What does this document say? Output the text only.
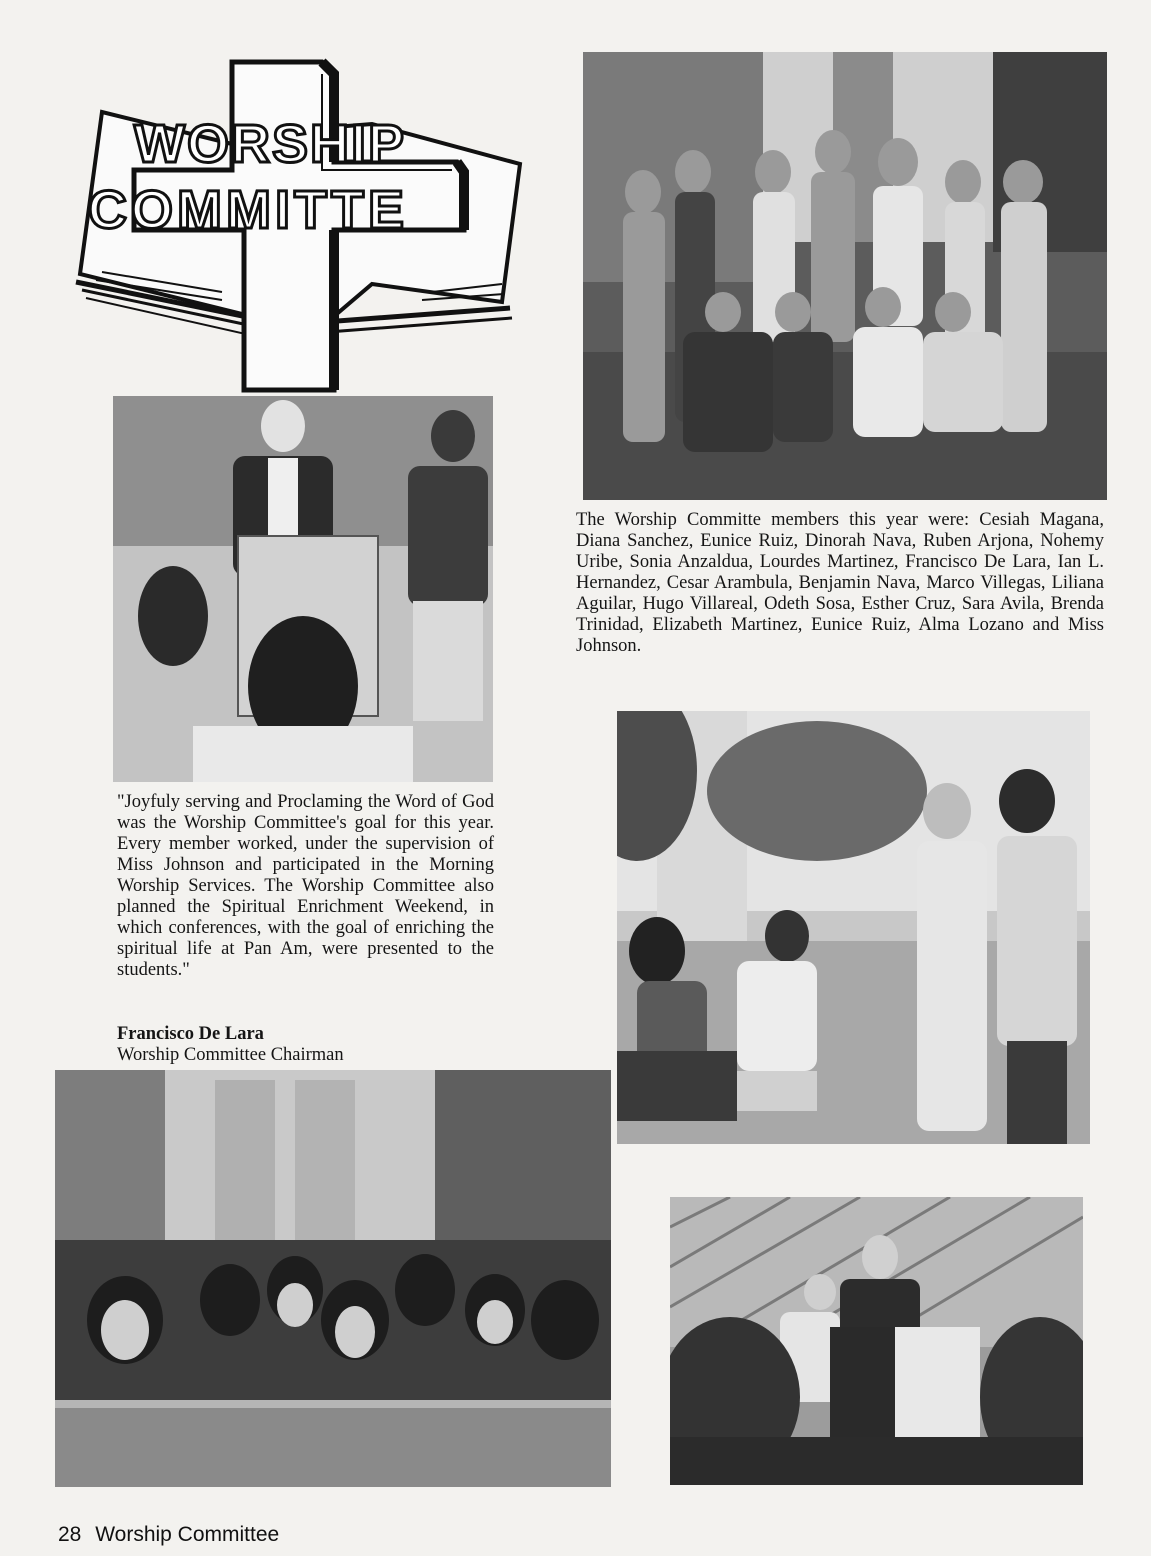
WORSHIP
COMMITTE

The Worship Committe members this year were: Cesiah Magana, Diana Sanchez, Eunice Ruiz, Dinorah Nava, Ruben Arjona, Nohemy Uribe, Sonia Anzaldua, Lourdes Martinez, Francisco De Lara, Ian L. Hernandez, Cesar Arambula, Benjamin Nava, Marco Villegas, Liliana Aguilar, Hugo Villareal, Odeth Sosa, Esther Cruz, Sara Avila, Brenda Trinidad, Elizabeth Martinez, Eunice Ruiz, Alma Lozano and Miss Johnson.

"Joyfuly serving and Proclaming the Word of God was the Worship Committee's goal for this year. Every member worked, under the supervision of Miss Johnson and participated in the Morning Worship Services. The Worship Committee also planned the Spiritual Enrichment Weekend, in which conferences, with the goal of enriching the spiritual life at Pan Am, were presented to the students."

Francisco De Lara

Worship Committee Chairman

28 Worship Committee
